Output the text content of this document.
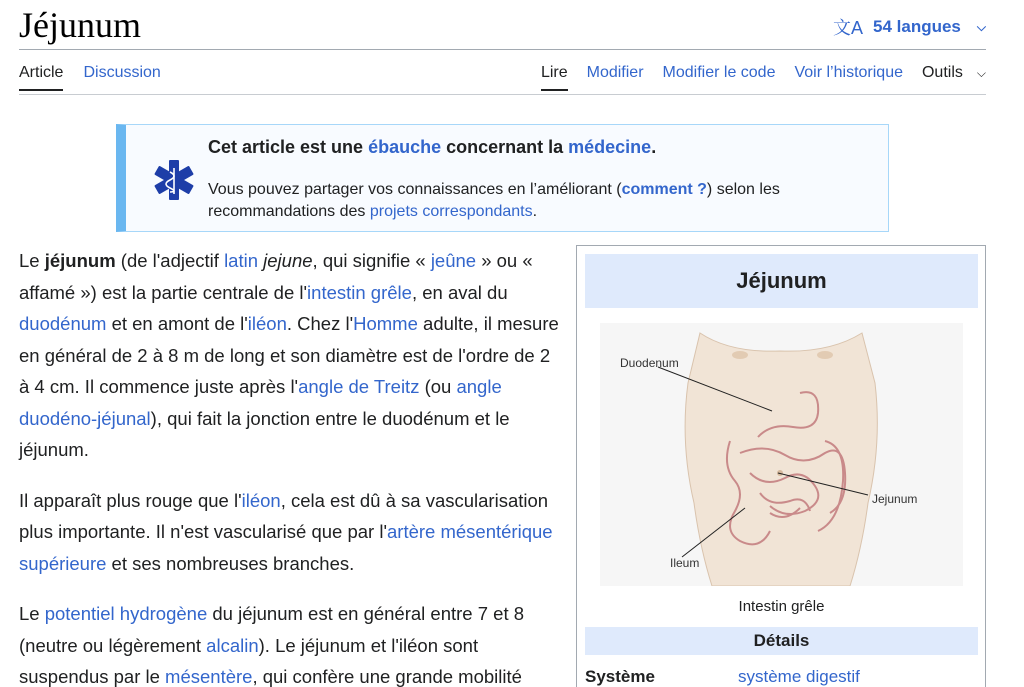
Jéjunum	文A 54 langues ⌵
Article Discussion	Lire Modifier Modifier le code Voir l’historique Outils ⌵
Cet article est une ébauche concernant la médecine.
Vous pouvez partager vos connaissances en l’améliorant (comment ?) selon les recommandations des projets correspondants.

Le jéjunum (de l'adjectif latin jejune, qui signifie « jeûne » ou « affamé ») est la partie centrale de l'intestin grêle, en aval du duodénum et en amont de l'iléon. Chez l'Homme adulte, il mesure en général de 2 à 8 m de long et son diamètre est de l'ordre de 2 à 4 cm. Il commence juste après l'angle de Treitz (ou angle duodéno-jéjunal), qui fait la jonction entre le duodénum et le jéjunum.

Il apparaît plus rouge que l'iléon, cela est dû à sa vascularisation plus importante. Il n'est vascularisé que par l'artère mésentérique supérieure et ses nombreuses branches.

Le potentiel hydrogène du jéjunum est en général entre 7 et 8 (neutre ou légèrement alcalin). Le jéjunum et l'iléon sont suspendus par le mésentère, qui confère une grande mobilité

Jéjunum
Duodenum
Jejunum
Ileum
Intestin grêle
Détails
Système	système digestif
